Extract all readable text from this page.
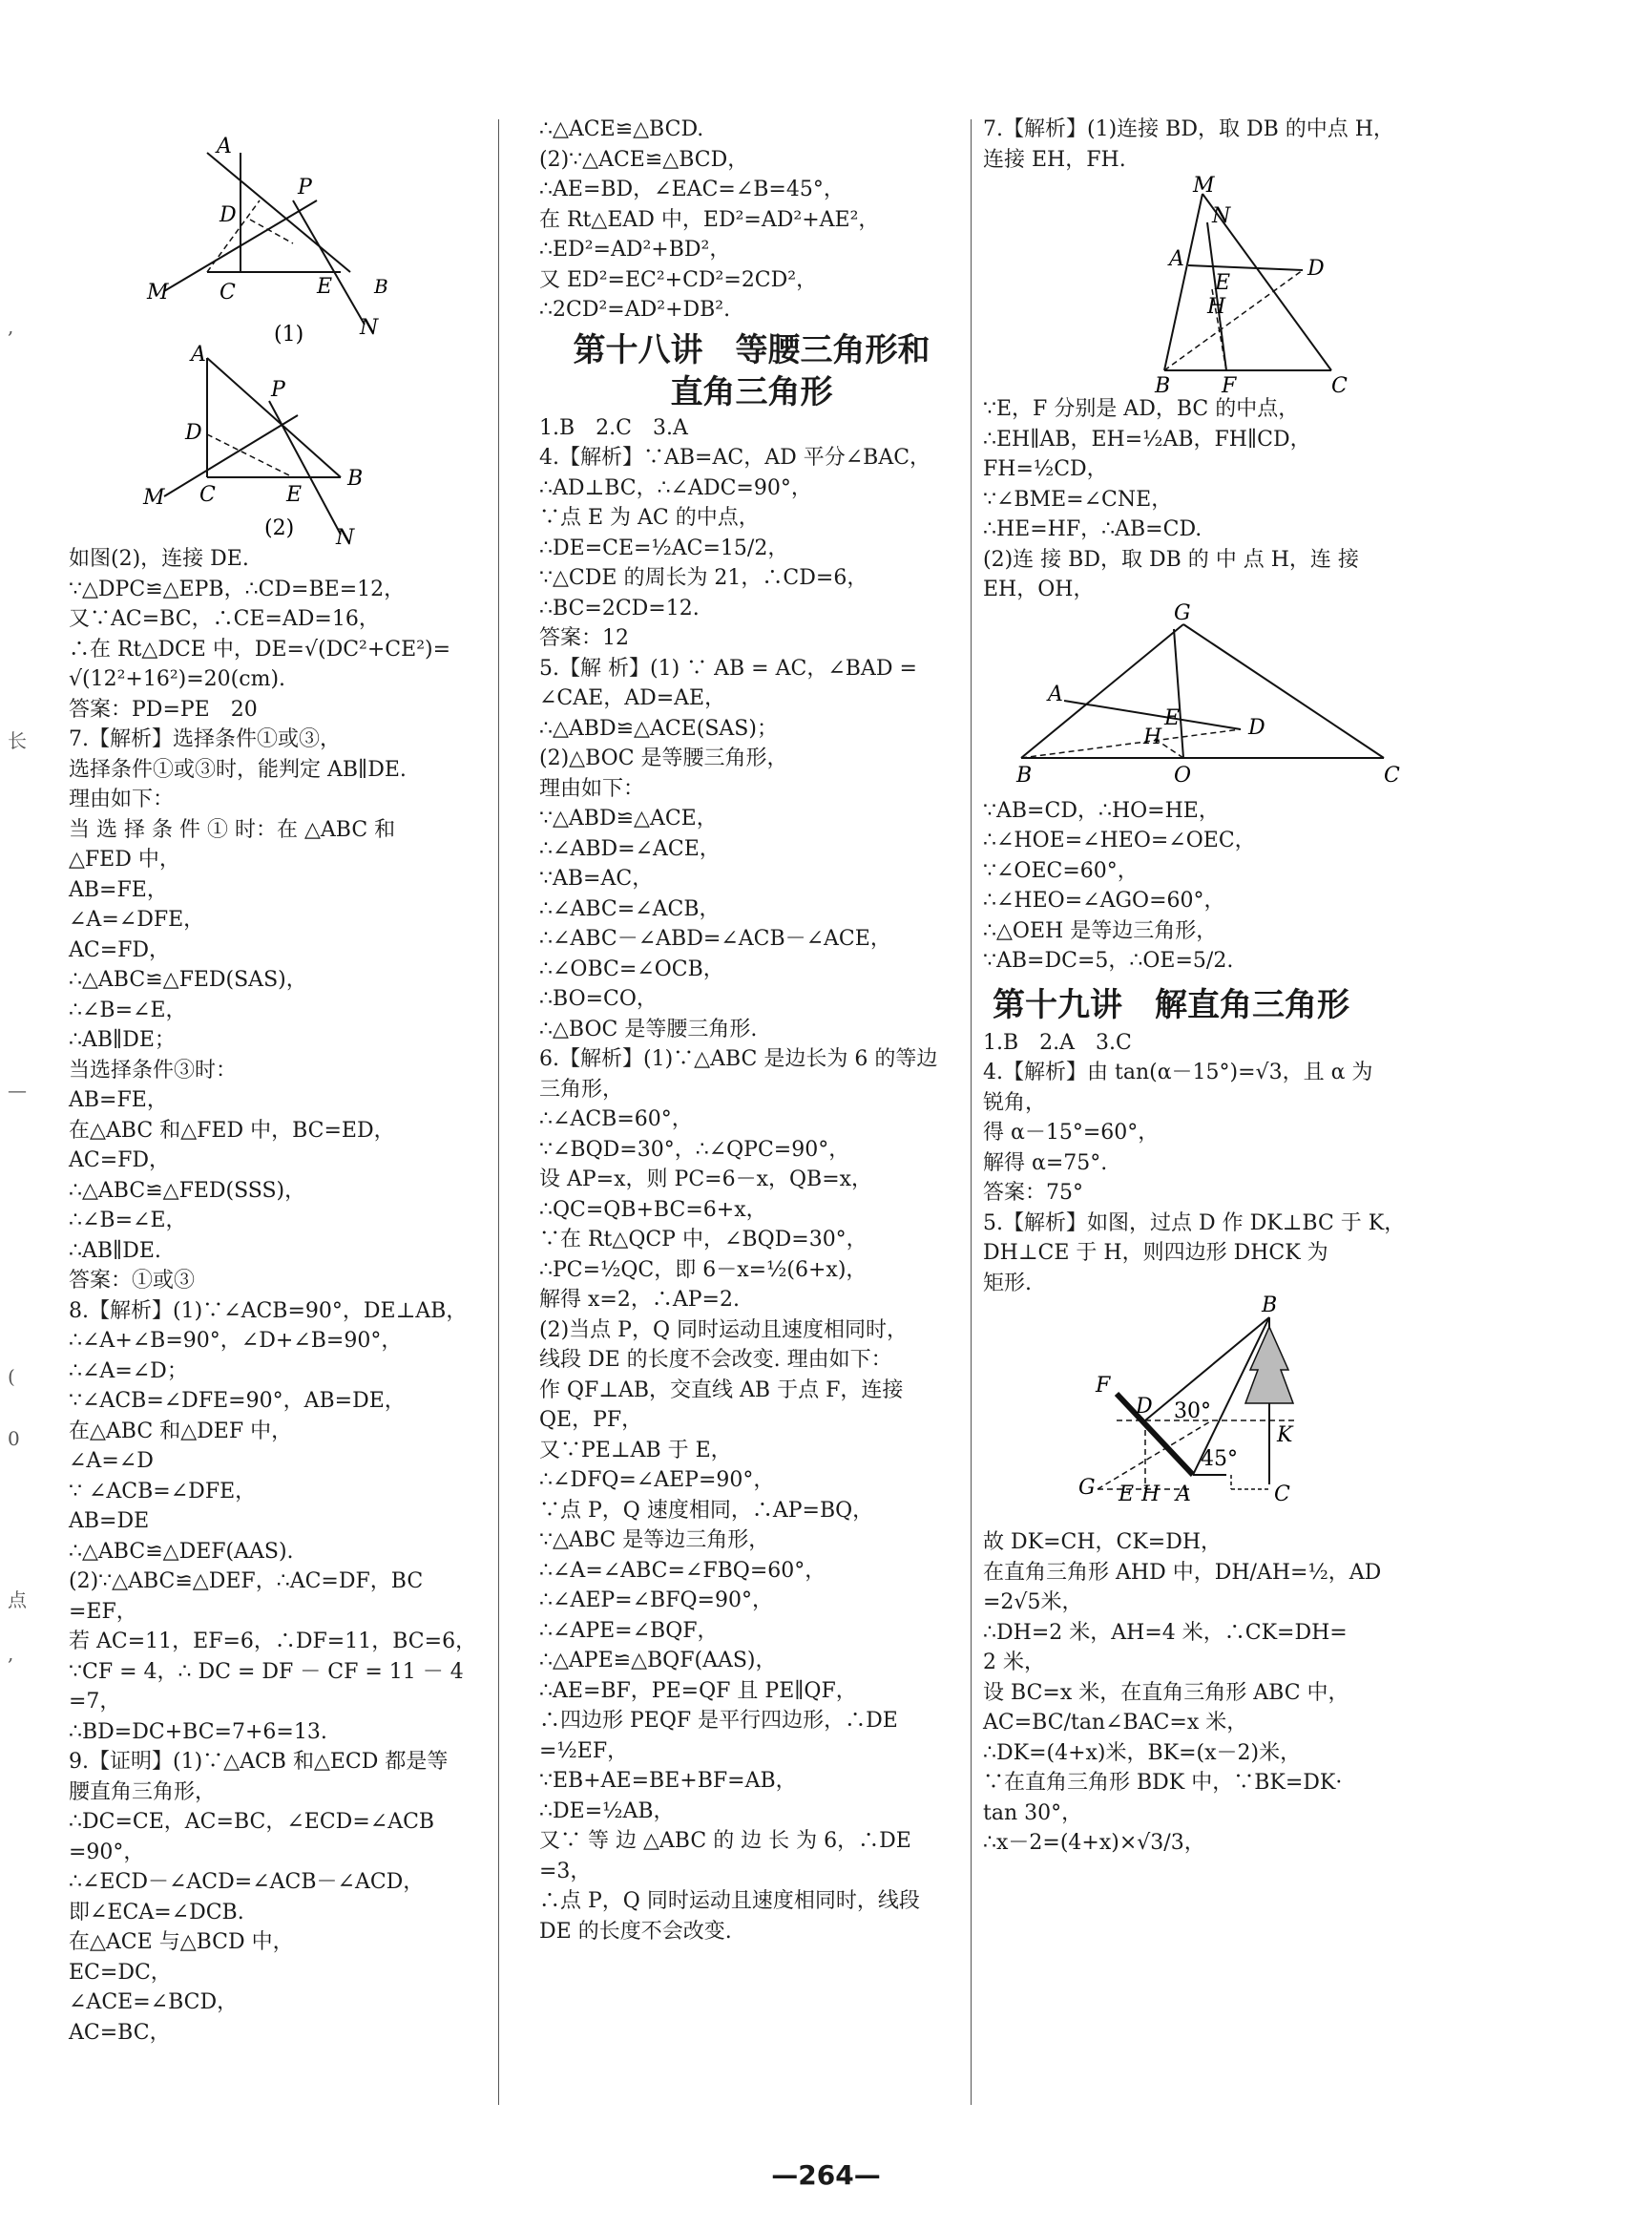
,
长
—
(
0
点
,
A
P
D
M C	E B
N
(1)
A
P
D
M C	E
B
N
(2)
如图(2)，连接 DE.
∵△DPC≌△EPB，∴CD=BE=12，
又∵AC=BC，∴CE=AD=16，
∴在 Rt△DCE 中，DE=√(DC²+CE²)=
√(12²+16²)=20(cm).
答案：PD=PE　20
7.【解析】选择条件①或③，
选择条件①或③时，能判定 AB∥DE.
理由如下：
当 选 择 条 件 ① 时：在 △ABC 和
△FED 中，
AB=FE，
∠A=∠DFE，
AC=FD，
∴△ABC≌△FED(SAS)，
∴∠B=∠E，
∴AB∥DE；
当选择条件③时：
AB=FE，
在△ABC 和△FED 中，BC=ED，
AC=FD，
∴△ABC≌△FED(SSS)，
∴∠B=∠E，
∴AB∥DE.
答案：①或③
8.【解析】(1)∵∠ACB=90°，DE⊥AB，
∴∠A+∠B=90°，∠D+∠B=90°，
∴∠A=∠D；
∵∠ACB=∠DFE=90°，AB=DE，
在△ABC 和△DEF 中，
∠A=∠D
∵ ∠ACB=∠DFE，
AB=DE
∴△ABC≌△DEF(AAS).
(2)∵△ABC≌△DEF，∴AC=DF，BC
=EF，
若 AC=11，EF=6，∴DF=11，BC=6，
∵CF = 4，∴ DC = DF － CF = 11 － 4
=7，
∴BD=DC+BC=7+6=13.
9.【证明】(1)∵△ACB 和△ECD 都是等
腰直角三角形，
∴DC=CE，AC=BC，∠ECD=∠ACB
=90°，
∴∠ECD－∠ACD=∠ACB－∠ACD，
即∠ECA=∠DCB.
在△ACE 与△BCD 中，
EC=DC，
∠ACE=∠BCD，
AC=BC，
∴△ACE≌△BCD.
(2)∵△ACE≌△BCD，
∴AE=BD，∠EAC=∠B=45°，
在 Rt△EAD 中，ED²=AD²+AE²，
∴ED²=AD²+BD²，
又 ED²=EC²+CD²=2CD²，
∴2CD²=AD²+DB².
第十八讲　等腰三角形和
直角三角形
1.B　2.C　3.A
4.【解析】∵AB=AC，AD 平分∠BAC，
∴AD⊥BC，∴∠ADC=90°，
∵点 E 为 AC 的中点，
∴DE=CE=½AC=15/2，
∵△CDE 的周长为 21，∴CD=6，
∴BC=2CD=12.
答案：12
5.【解 析】(1) ∵ AB = AC，∠BAD =
∠CAE，AD=AE，
∴△ABD≌△ACE(SAS)；
(2)△BOC 是等腰三角形，
理由如下：
∵△ABD≌△ACE，
∴∠ABD=∠ACE，
∵AB=AC，
∴∠ABC=∠ACB，
∴∠ABC－∠ABD=∠ACB－∠ACE，
∴∠OBC=∠OCB，
∴BO=CO，
∴△BOC 是等腰三角形.
6.【解析】(1)∵△ABC 是边长为 6 的等边
三角形，
∴∠ACB=60°，
∵∠BQD=30°，∴∠QPC=90°，
设 AP=x，则 PC=6－x，QB=x，
∴QC=QB+BC=6+x，
∵在 Rt△QCP 中，∠BQD=30°，
∴PC=½QC，即 6－x=½(6+x)，
解得 x=2，∴AP=2.
(2)当点 P，Q 同时运动且速度相同时，
线段 DE 的长度不会改变. 理由如下：
作 QF⊥AB，交直线 AB 于点 F，连接
QE，PF，
又∵PE⊥AB 于 E，
∴∠DFQ=∠AEP=90°，
∵点 P，Q 速度相同，∴AP=BQ，
∵△ABC 是等边三角形，
∴∠A=∠ABC=∠FBQ=60°，
∴∠AEP=∠BFQ=90°，
∴∠APE=∠BQF，
∴△APE≌△BQF(AAS)，
∴AE=BF，PE=QF 且 PE∥QF，
∴四边形 PEQF 是平行四边形，∴DE
=½EF，
∵EB+AE=BE+BF=AB，
∴DE=½AB，
又∵ 等 边 △ABC 的 边 长 为 6，∴DE
=3，
∴点 P，Q 同时运动且速度相同时，线段
DE 的长度不会改变.
7.【解析】(1)连接 BD，取 DB 的中点 H，
连接 EH，FH.
M
N
A
E
D
H
B F	C
∵E，F 分别是 AD，BC 的中点，
∴EH∥AB，EH=½AB，FH∥CD，
FH=½CD，
∵∠BME=∠CNE，
∴HE=HF，∴AB=CD.
(2)连 接 BD，取 DB 的 中 点 H，连 接
EH，OH，
G
A
E
H	D
B	O	C
∵AB=CD，∴HO=HE，
∴∠HOE=∠HEO=∠OEC，
∵∠OEC=60°，
∴∠HEO=∠AGO=60°，
∴△OEH 是等边三角形，
∵AB=DC=5，∴OE=5/2.
第十九讲　解直角三角形
1.B　2.A　3.C
4.【解析】由 tan(α－15°)=√3，且 α 为
锐角，
得 α－15°=60°，
解得 α=75°.
答案：75°
5.【解析】如图，过点 D 作 DK⊥BC 于 K，
DH⊥CE 于 H，则四边形 DHCK 为
矩形.
B
F
D 30°
K
45°
G E H A	C
故 DK=CH，CK=DH，
在直角三角形 AHD 中，DH/AH=½，AD
=2√5米，
∴DH=2 米，AH=4 米，∴CK=DH=
2 米，
设 BC=x 米，在直角三角形 ABC 中，
AC=BC/tan∠BAC=x 米，
∴DK=(4+x)米，BK=(x－2)米，
∵在直角三角形 BDK 中，∵BK=DK·
tan 30°，
∴x－2=(4+x)×√3/3，
—264—
